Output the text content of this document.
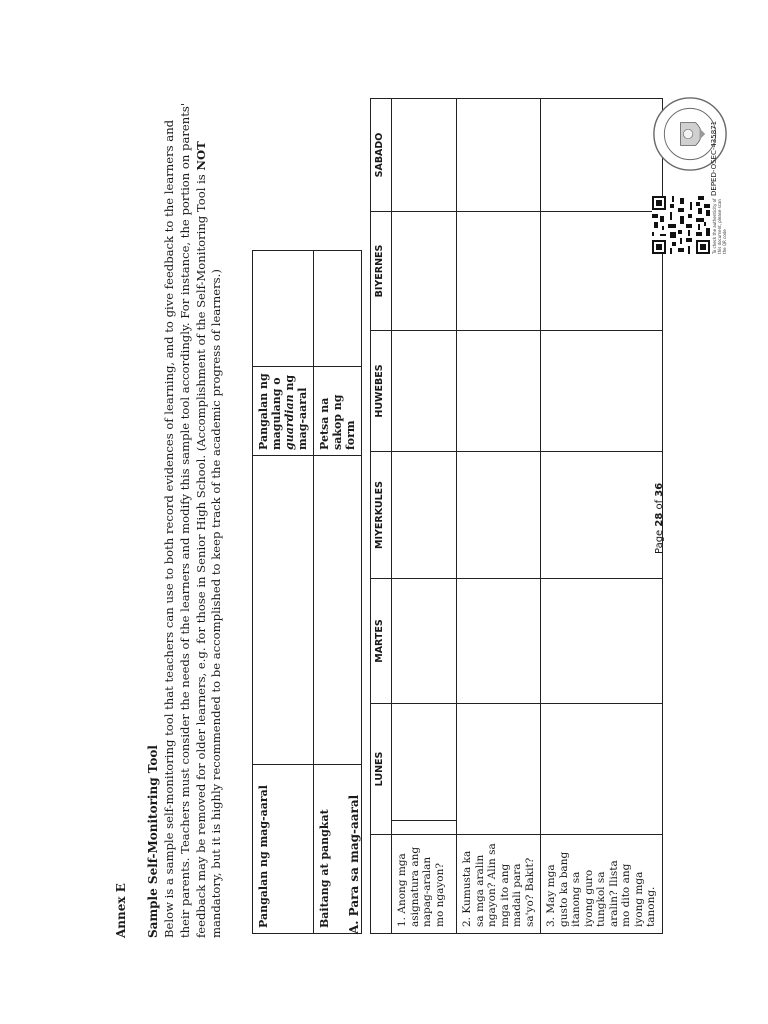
Annex E Sample Self-Monitoring Tool Below is a sample self-monitoring tool that teachers can use to both record evidences of learning, and to give feedback to the learners and their parents. Teachers must consider the needs of the learners and modify this sample tool accordingly. For instance, the portion on parents' feedback may be removed for older learners, e.g. for those in Senior High School. (Accomplishment of the Self-Monitoring Tool is NOT mandatory, but it is highly recommended to be accomplished to keep track of the academic progress of learners.)	Pangalan ng mag-aaral		Pangalan ng magulang o guardian ng mag-aaral	
Baitang at pangkat		Petsa na sakop ng form	
A. Para sa mag-aaral
	LUNES	MARTES	MIYERKULES	HUWEBES	BIYERNES	SABADO
1. Anong mga asignatura ang napag-aralan mo ngayon?	

2. Kumusta ka sa mga aralin ngayon? Alin sa mga ito ang madali para sa'yo? Bakit?						
3. May mga gusto ka bang itanong sa iyong guro tungkol sa aralin? Ilista mo dito ang iyong mga tanong.						
Page 28 of 36
To check the authenticity of this document, please scan the QR code
DEPED-OSEC-435871
